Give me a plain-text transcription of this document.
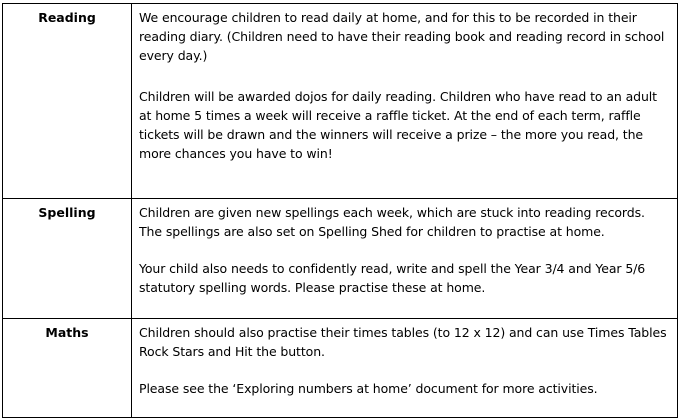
Reading	We encourage children to read daily at home, and for this to be recorded in their reading diary. (Children need to have their reading book and reading record in school every day.)

Children will be awarded dojos for daily reading. Children who have read to an adult at home 5 times a week will receive a raffle ticket. At the end of each term, raffle tickets will be drawn and the winners will receive a prize – the more you read, the more chances you have to win!

Spelling	Children are given new spellings each week, which are stuck into reading records. The spellings are also set on Spelling Shed for children to practise at home.

Your child also needs to confidently read, write and spell the Year 3/4 and Year 5/6 statutory spelling words. Please practise these at home.

Maths	Children should also practise their times tables (to 12 x 12) and can use Times Tables Rock Stars and Hit the button.

Please see the ‘Exploring numbers at home’ document for more activities.
